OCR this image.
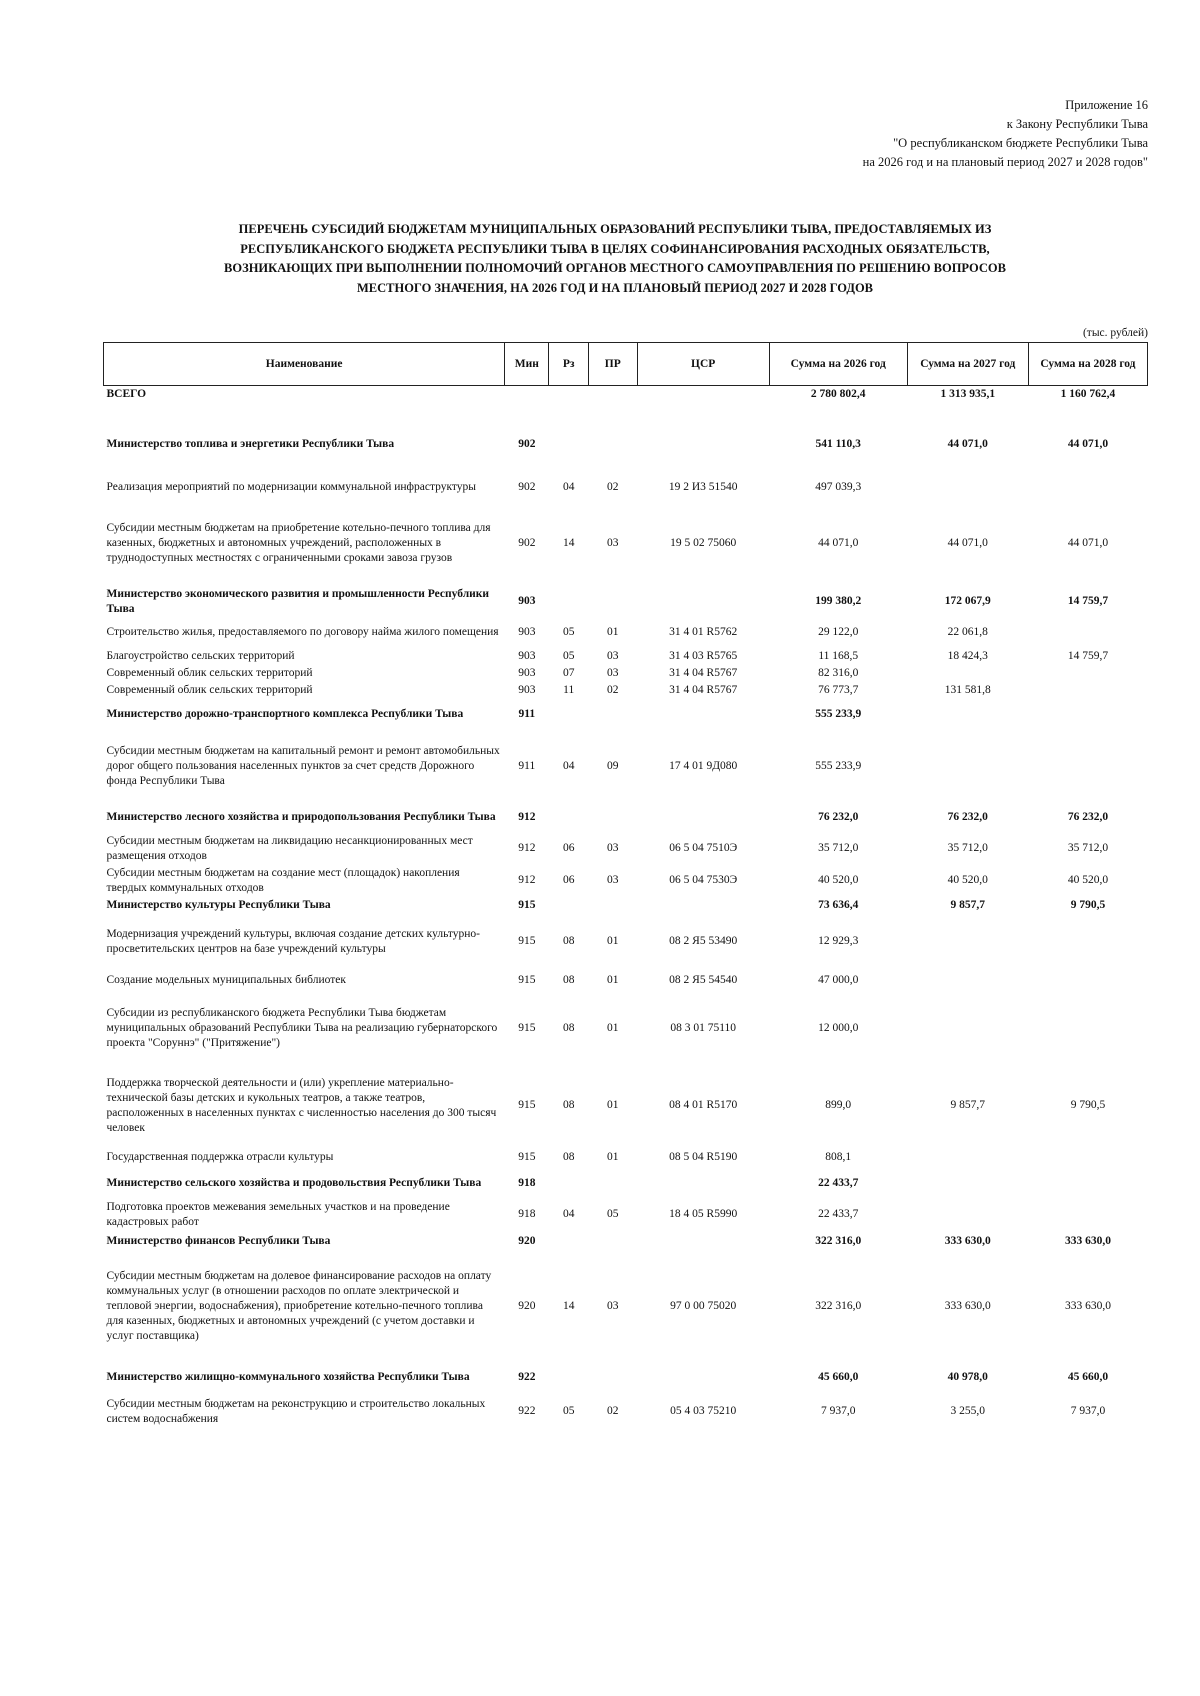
Приложение 16
к Закону Республики Тыва
"О республиканском бюджете Республики Тыва
на 2026 год и на плановый период 2027 и 2028 годов"
ПЕРЕЧЕНЬ СУБСИДИЙ БЮДЖЕТАМ МУНИЦИПАЛЬНЫХ ОБРАЗОВАНИЙ РЕСПУБЛИКИ ТЫВА, ПРЕДОСТАВЛЯЕМЫХ ИЗ
РЕСПУБЛИКАНСКОГО БЮДЖЕТА РЕСПУБЛИКИ ТЫВА В ЦЕЛЯХ СОФИНАНСИРОВАНИЯ РАСХОДНЫХ ОБЯЗАТЕЛЬСТВ,
ВОЗНИКАЮЩИХ ПРИ ВЫПОЛНЕНИИ ПОЛНОМОЧИЙ ОРГАНОВ МЕСТНОГО САМОУПРАВЛЕНИЯ ПО РЕШЕНИЮ ВОПРОСОВ
МЕСТНОГО ЗНАЧЕНИЯ, НА 2026 ГОД И НА ПЛАНОВЫЙ ПЕРИОД 2027 И 2028 ГОДОВ
(тыс. рублей)
Наименование	Мин	Рз	ПР	ЦСР	Сумма на 2026 год	Сумма на 2027 год	Сумма на 2028 год
ВСЕГО					2 780 802,4	1 313 935,1	1 160 762,4
Министерство топлива и энергетики Республики Тыва	902				541 110,3	44 071,0	44 071,0
Реализация мероприятий по модернизации коммунальной инфраструктуры	902	04	02	19 2 И3 51540	497 039,3		
Субсидии местным бюджетам на приобретение котельно-печного топлива для казенных, бюджетных и автономных учреждений, расположенных в труднодоступных местностях с ограниченными сроками завоза грузов	902	14	03	19 5 02 75060	44 071,0	44 071,0	44 071,0
Министерство экономического развития и промышленности Республики Тыва	903				199 380,2	172 067,9	14 759,7
Строительство жилья, предоставляемого по договору найма жилого помещения	903	05	01	31 4 01 R5762	29 122,0	22 061,8	
Благоустройство сельских территорий	903	05	03	31 4 03 R5765	11 168,5	18 424,3	14 759,7
Современный облик сельских территорий	903	07	03	31 4 04 R5767	82 316,0		
Современный облик сельских территорий	903	11	02	31 4 04 R5767	76 773,7	131 581,8	
Министерство дорожно-транспортного комплекса Республики Тыва	911				555 233,9		
Субсидии местным бюджетам на капитальный ремонт и ремонт автомобильных дорог общего пользования населенных пунктов за счет средств Дорожного фонда Республики Тыва	911	04	09	17 4 01 9Д080	555 233,9		
Министерство лесного хозяйства и природопользования Республики Тыва	912				76 232,0	76 232,0	76 232,0
Субсидии местным бюджетам на ликвидацию несанкционированных мест размещения отходов	912	06	03	06 5 04 7510Э	35 712,0	35 712,0	35 712,0
Субсидии местным бюджетам на создание мест (площадок) накопления твердых коммунальных отходов	912	06	03	06 5 04 7530Э	40 520,0	40 520,0	40 520,0
Министерство культуры Республики Тыва	915				73 636,4	9 857,7	9 790,5
Модернизация учреждений культуры, включая создание детских культурно-просветительских центров на базе учреждений культуры	915	08	01	08 2 Я5 53490	12 929,3		
Создание модельных муниципальных библиотек	915	08	01	08 2 Я5 54540	47 000,0		
Субсидии из республиканского бюджета Республики Тыва бюджетам муниципальных образований Республики Тыва на реализацию губернаторского проекта "Соруннэ" ("Притяжение")	915	08	01	08 3 01 75110	12 000,0		
Поддержка творческой деятельности и (или) укрепление материально-технической базы детских и кукольных театров, а также театров, расположенных в населенных пунктах с численностью населения до 300 тысяч человек	915	08	01	08 4 01 R5170	899,0	9 857,7	9 790,5
Государственная поддержка отрасли культуры	915	08	01	08 5 04 R5190	808,1		
Министерство сельского хозяйства и продовольствия Республики Тыва	918				22 433,7		
Подготовка проектов межевания земельных участков и на проведение кадастровых работ	918	04	05	18 4 05 R5990	22 433,7		
Министерство финансов Республики Тыва	920				322 316,0	333 630,0	333 630,0
Субсидии местным бюджетам на долевое финансирование расходов на оплату коммунальных услуг (в отношении расходов по оплате электрической и тепловой энергии, водоснабжения), приобретение котельно-печного топлива для казенных, бюджетных и автономных учреждений (с учетом доставки и услуг поставщика)	920	14	03	97 0 00 75020	322 316,0	333 630,0	333 630,0
Министерство жилищно-коммунального хозяйства Республики Тыва	922				45 660,0	40 978,0	45 660,0
Субсидии местным бюджетам на реконструкцию и строительство локальных систем водоснабжения	922	05	02	05 4 03 75210	7 937,0	3 255,0	7 937,0
